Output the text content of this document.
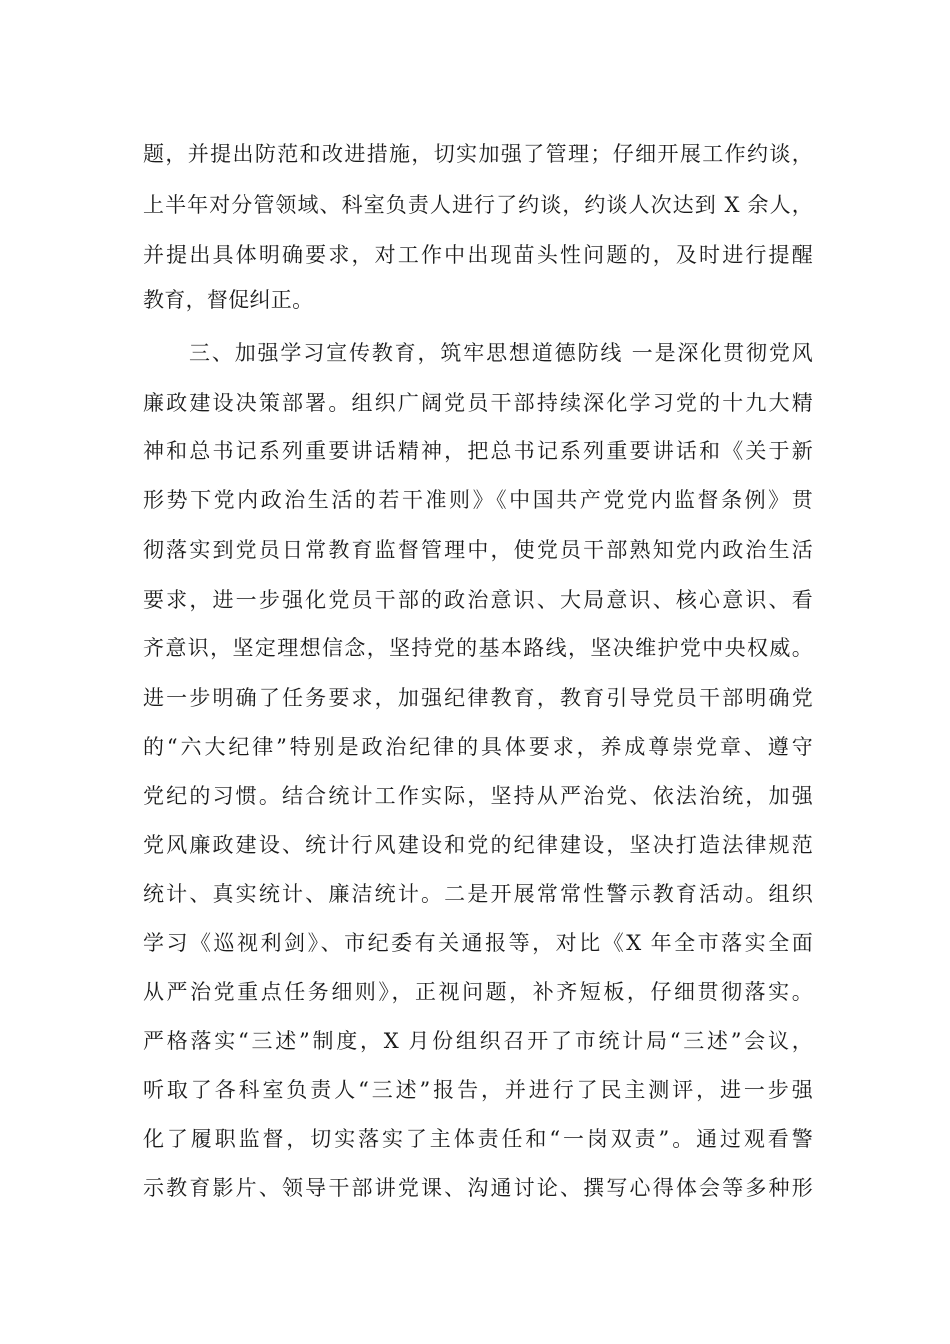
题，并提出防范和改进措施，切实加强了管理；仔细开展工作约谈，
上半年对分管领域、科室负责人进行了约谈，约谈人次达到 X 余人，
并提出具体明确要求，对工作中出现苗头性问题的，及时进行提醒
教育，督促纠正。
三、加强学习宣传教育，筑牢思想道德防线 一是深化贯彻党风
廉政建设决策部署。组织广阔党员干部持续深化学习党的十九大精
神和总书记系列重要讲话精神，把总书记系列重要讲话和《关于新
形势下党内政治生活的若干准则》《中国共产党党内监督条例》贯
彻落实到党员日常教育监督管理中，使党员干部熟知党内政治生活
要求，进一步强化党员干部的政治意识、大局意识、核心意识、看
齐意识，坚定理想信念，坚持党的基本路线，坚决维护党中央权威。
进一步明确了任务要求，加强纪律教育，教育引导党员干部明确党
的“六大纪律”特别是政治纪律的具体要求，养成尊崇党章、遵守
党纪的习惯。结合统计工作实际，坚持从严治党、依法治统，加强
党风廉政建设、统计行风建设和党的纪律建设，坚决打造法律规范
统计、真实统计、廉洁统计。二是开展常常性警示教育活动。组织
学习《巡视利剑》、市纪委有关通报等，对比《X 年全市落实全面
从严治党重点任务细则》，正视问题，补齐短板，仔细贯彻落实。
严格落实“三述”制度，X 月份组织召开了市统计局“三述”会议，
听取了各科室负责人“三述”报告，并进行了民主测评，进一步强
化了履职监督，切实落实了主体责任和“一岗双责”。通过观看警
示教育影片、领导干部讲党课、沟通讨论、撰写心得体会等多种形
